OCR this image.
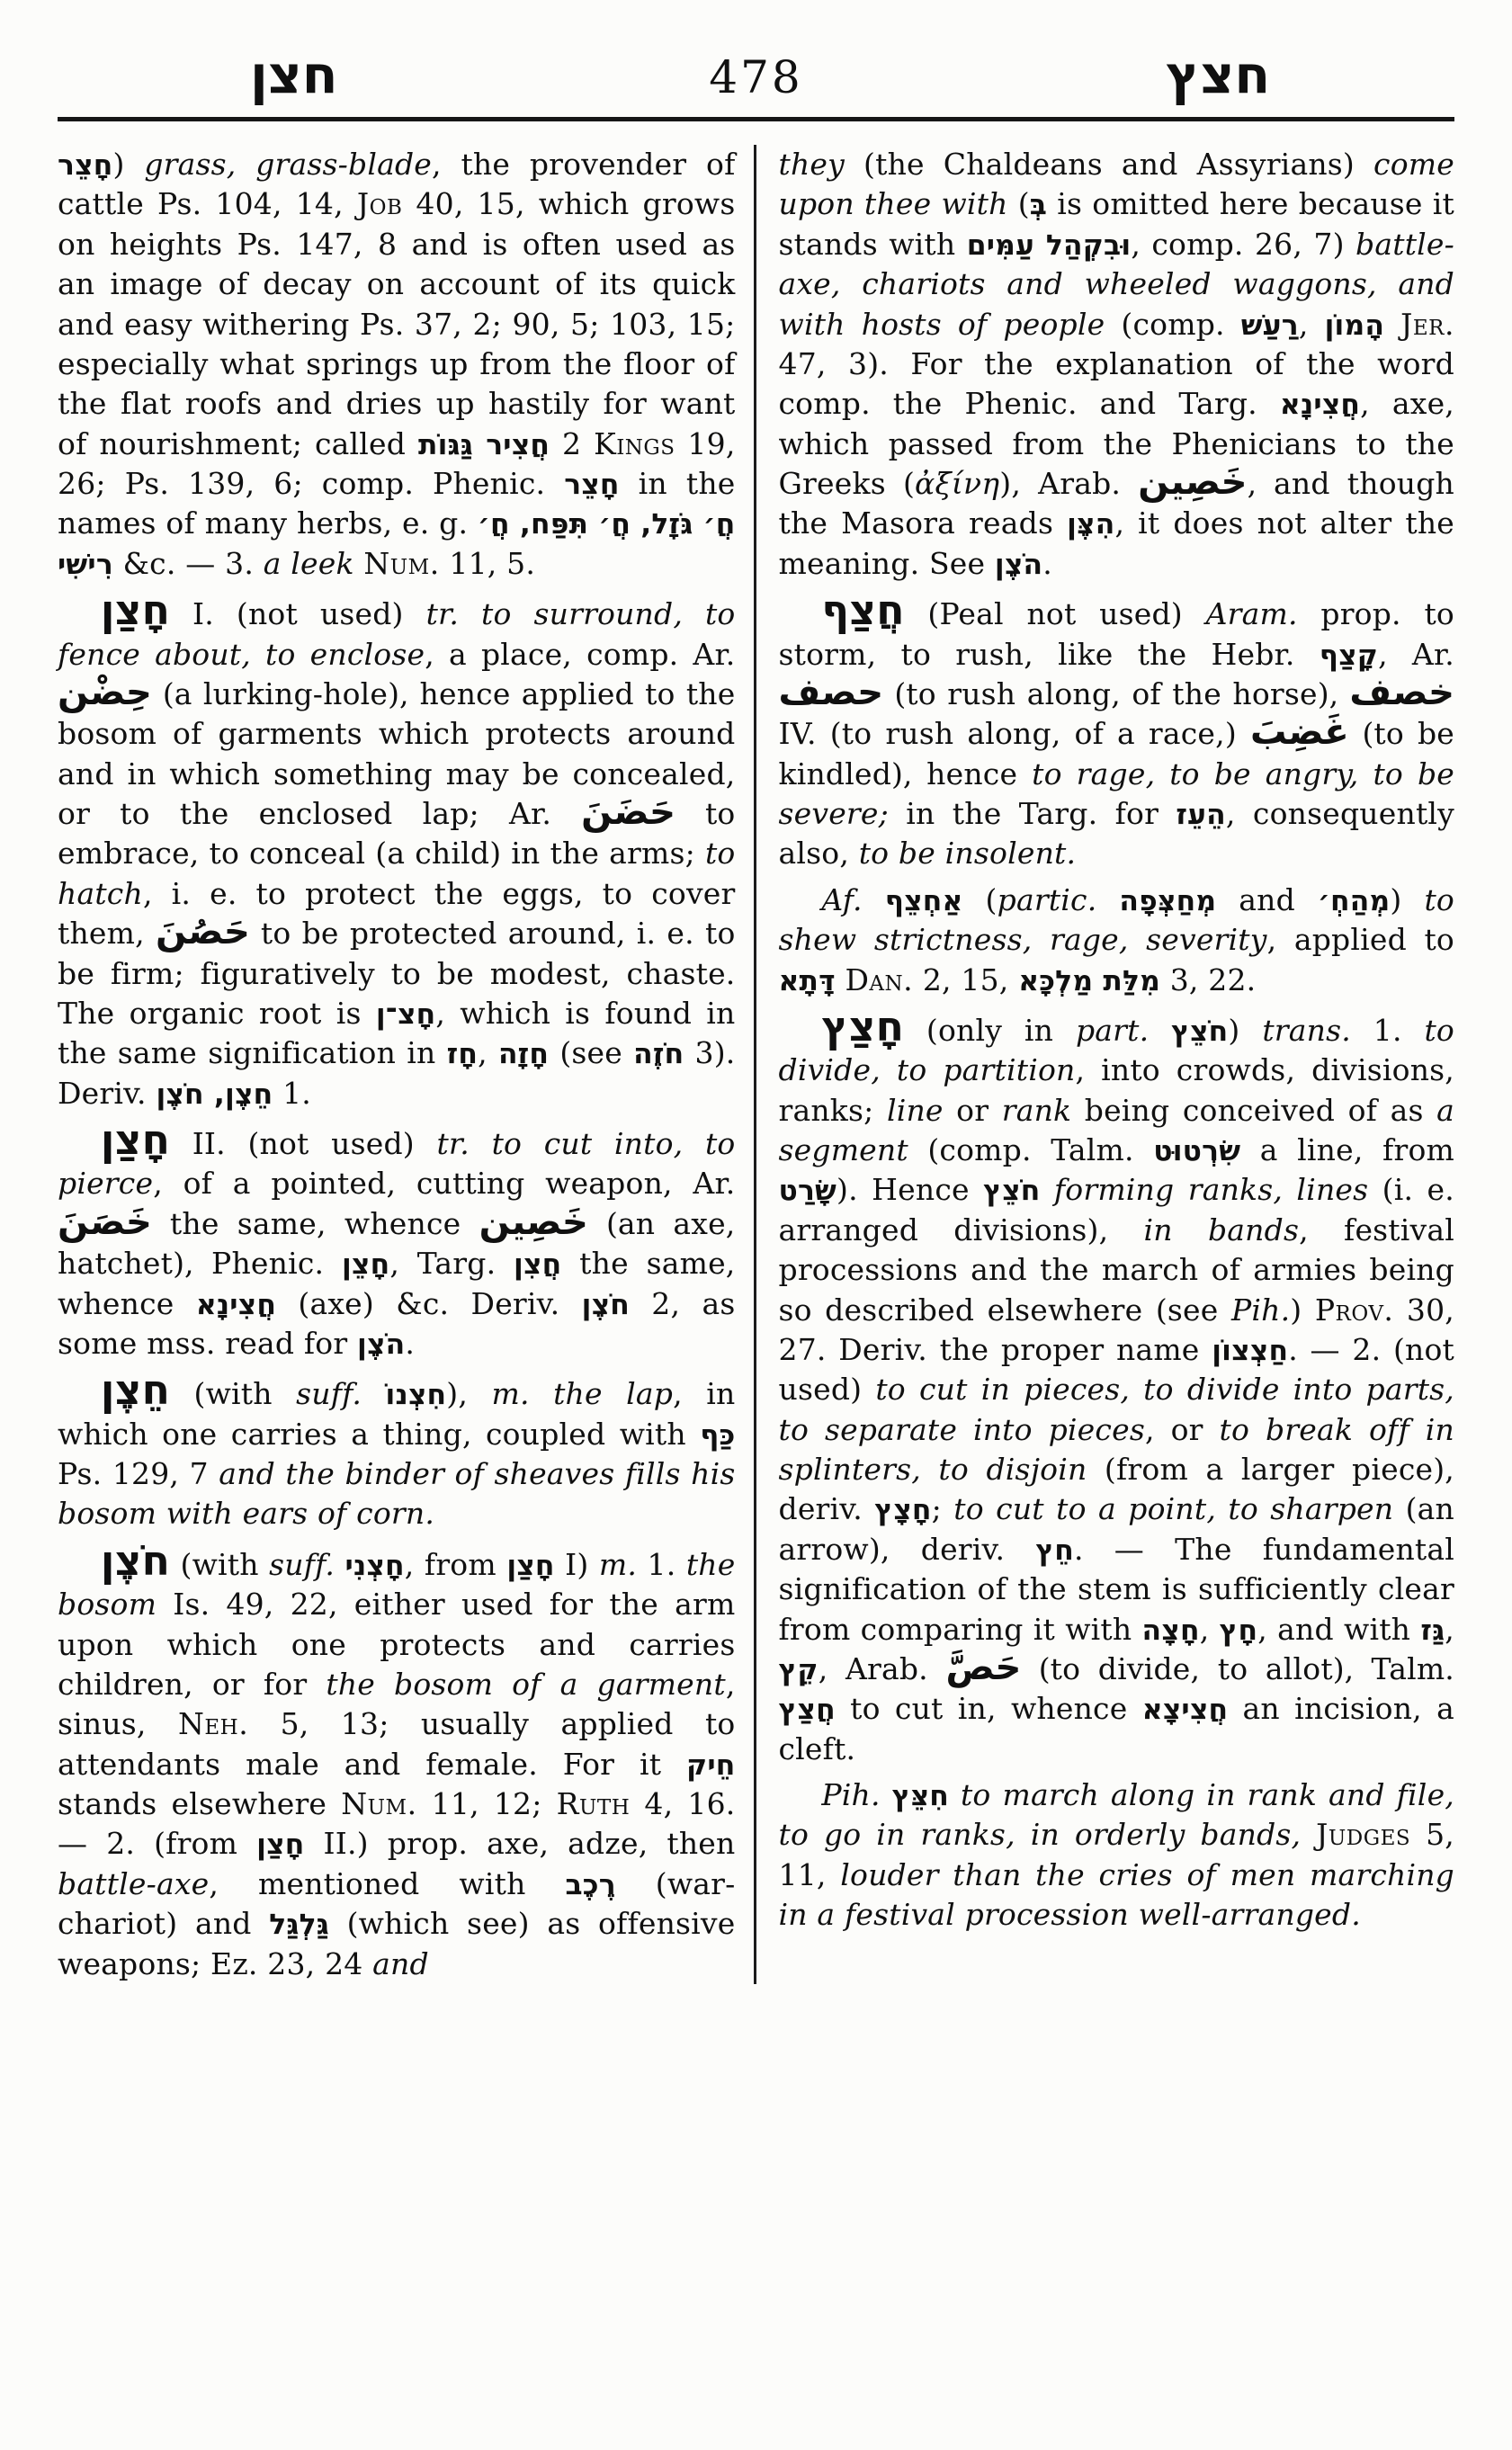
חצן	478	חצץ

חָצֵר) grass, grass-blade, the provender of cattle Ps. 104, 14, Job 40, 15, which grows on heights Ps. 147, 8 and is often used as an image of decay on account of its quick and easy withering Ps. 37, 2; 90, 5; 103, 15; especially what springs up from the floor of the flat roofs and dries up hastily for want of nourishment; called חֲצִיר גַּגּוֹת 2 Kings 19, 26; Ps. 139, 6; comp. Phenic. חָצֵר in the names of many herbs, e. g. חֲ׳ גֹּזָל, חֲ׳ תִּפַּח, חֲ׳ רִישִׁי &c. — 3. a leek Num. 11, 5.

חָצַן I. (not used) tr. to surround, to fence about, to enclose, a place, comp. Ar. حِضْن (a lurking-hole), hence applied to the bosom of garments which protects around and in which something may be concealed, or to the enclosed lap; Ar. حَضَنَ to embrace, to conceal (a child) in the arms; to hatch, i. e. to protect the eggs, to cover them, حَصُنَ to be protected around, i. e. to be firm; figuratively to be modest, chaste. The organic root is חָצ־ן, which is found in the same signification in חָז, חָזָה (see חֹזֶה 3). Deriv. חֵצֶן, חֹצֶן 1.

חָצַן II. (not used) tr. to cut into, to pierce, of a pointed, cutting weapon, Ar. خَصَنَ the same, whence خَصِين (an axe, hatchet), Phenic. חָצֵן, Targ. חֲצִן the same, whence חֲצִינָא (axe) &c. Deriv. חֹצֶן 2, as some mss. read for הֹצֶן.

חֵצֶן (with suff. חִצְנוֹ), m. the lap, in which one carries a thing, coupled with כַּף Ps. 129, 7 and the binder of sheaves fills his bosom with ears of corn.

חֹצֶן (with suff. חָצְנִי, from חָצַן I) m. 1. the bosom Is. 49, 22, either used for the arm upon which one protects and carries children, or for the bosom of a garment, sinus, Neh. 5, 13; usually applied to attendants male and female. For it חֵיק stands elsewhere Num. 11, 12; Ruth 4, 16. — 2. (from חָצַן II.) prop. axe, adze, then battle-axe, mentioned with רֶכֶב (war-chariot) and גַּלְגַּל (which see) as offensive weapons; Ez. 23, 24 and

they (the Chaldeans and Assyrians) come upon thee with (בְּ is omitted here because it stands with וּבִקְהַל עַמִּים, comp. 26, 7) battle-axe, chariots and wheeled waggons, and with hosts of people (comp. רַעַשׁ, הָמוֹן Jer. 47, 3). For the explanation of the word comp. the Phenic. and Targ. חֲצִינָא, axe, which passed from the Phenicians to the Greeks (ἀξίνη), Arab. خَصِين, and though the Masora reads הִצֶּן, it does not alter the meaning. See הֹצֶן.

חֲצַף (Peal not used) Aram. prop. to storm, to rush, like the Hebr. קָצַף, Ar. حصف (to rush along, of the horse), خصف IV. (to rush along, of a race,) غَضِبَ (to be kindled), hence to rage, to be angry, to be severe; in the Targ. for הֵעֵז, consequently also, to be insolent.

Af. אַחְצֵף (partic. מְחַצְּפָה and מְהַחְ׳) to shew strictness, rage, severity, applied to דָּתָא Dan. 2, 15, מִלַּת מַלְכָּא 3, 22.

חָצַץ (only in part. חֹצֵץ) trans. 1. to divide, to partition, into crowds, divisions, ranks; line or rank being conceived of as a segment (comp. Talm. שִׂרְטוּט a line, from שָׂרַט). Hence חֹצֵץ forming ranks, lines (i. e. arranged divisions), in bands, festival processions and the march of armies being so described elsewhere (see Pih.) Prov. 30, 27. Deriv. the proper name חַצְצוֹן. — 2. (not used) to cut in pieces, to divide into parts, to separate into pieces, or to break off in splinters, to disjoin (from a larger piece), deriv. חָצָץ; to cut to a point, to sharpen (an arrow), deriv. חֵץ. — The fundamental signification of the stem is sufficiently clear from comparing it with חָצָה, חָץ, and with גַּז, קֵץ, Arab. حَصَّ (to divide, to allot), Talm. חֲצַץ to cut in, whence חֲצִיצָא an incision, a cleft.

Pih. חִצֵּץ to march along in rank and file, to go in ranks, in orderly bands, Judges 5, 11, louder than the cries of men marching in a festival procession well-arranged.
